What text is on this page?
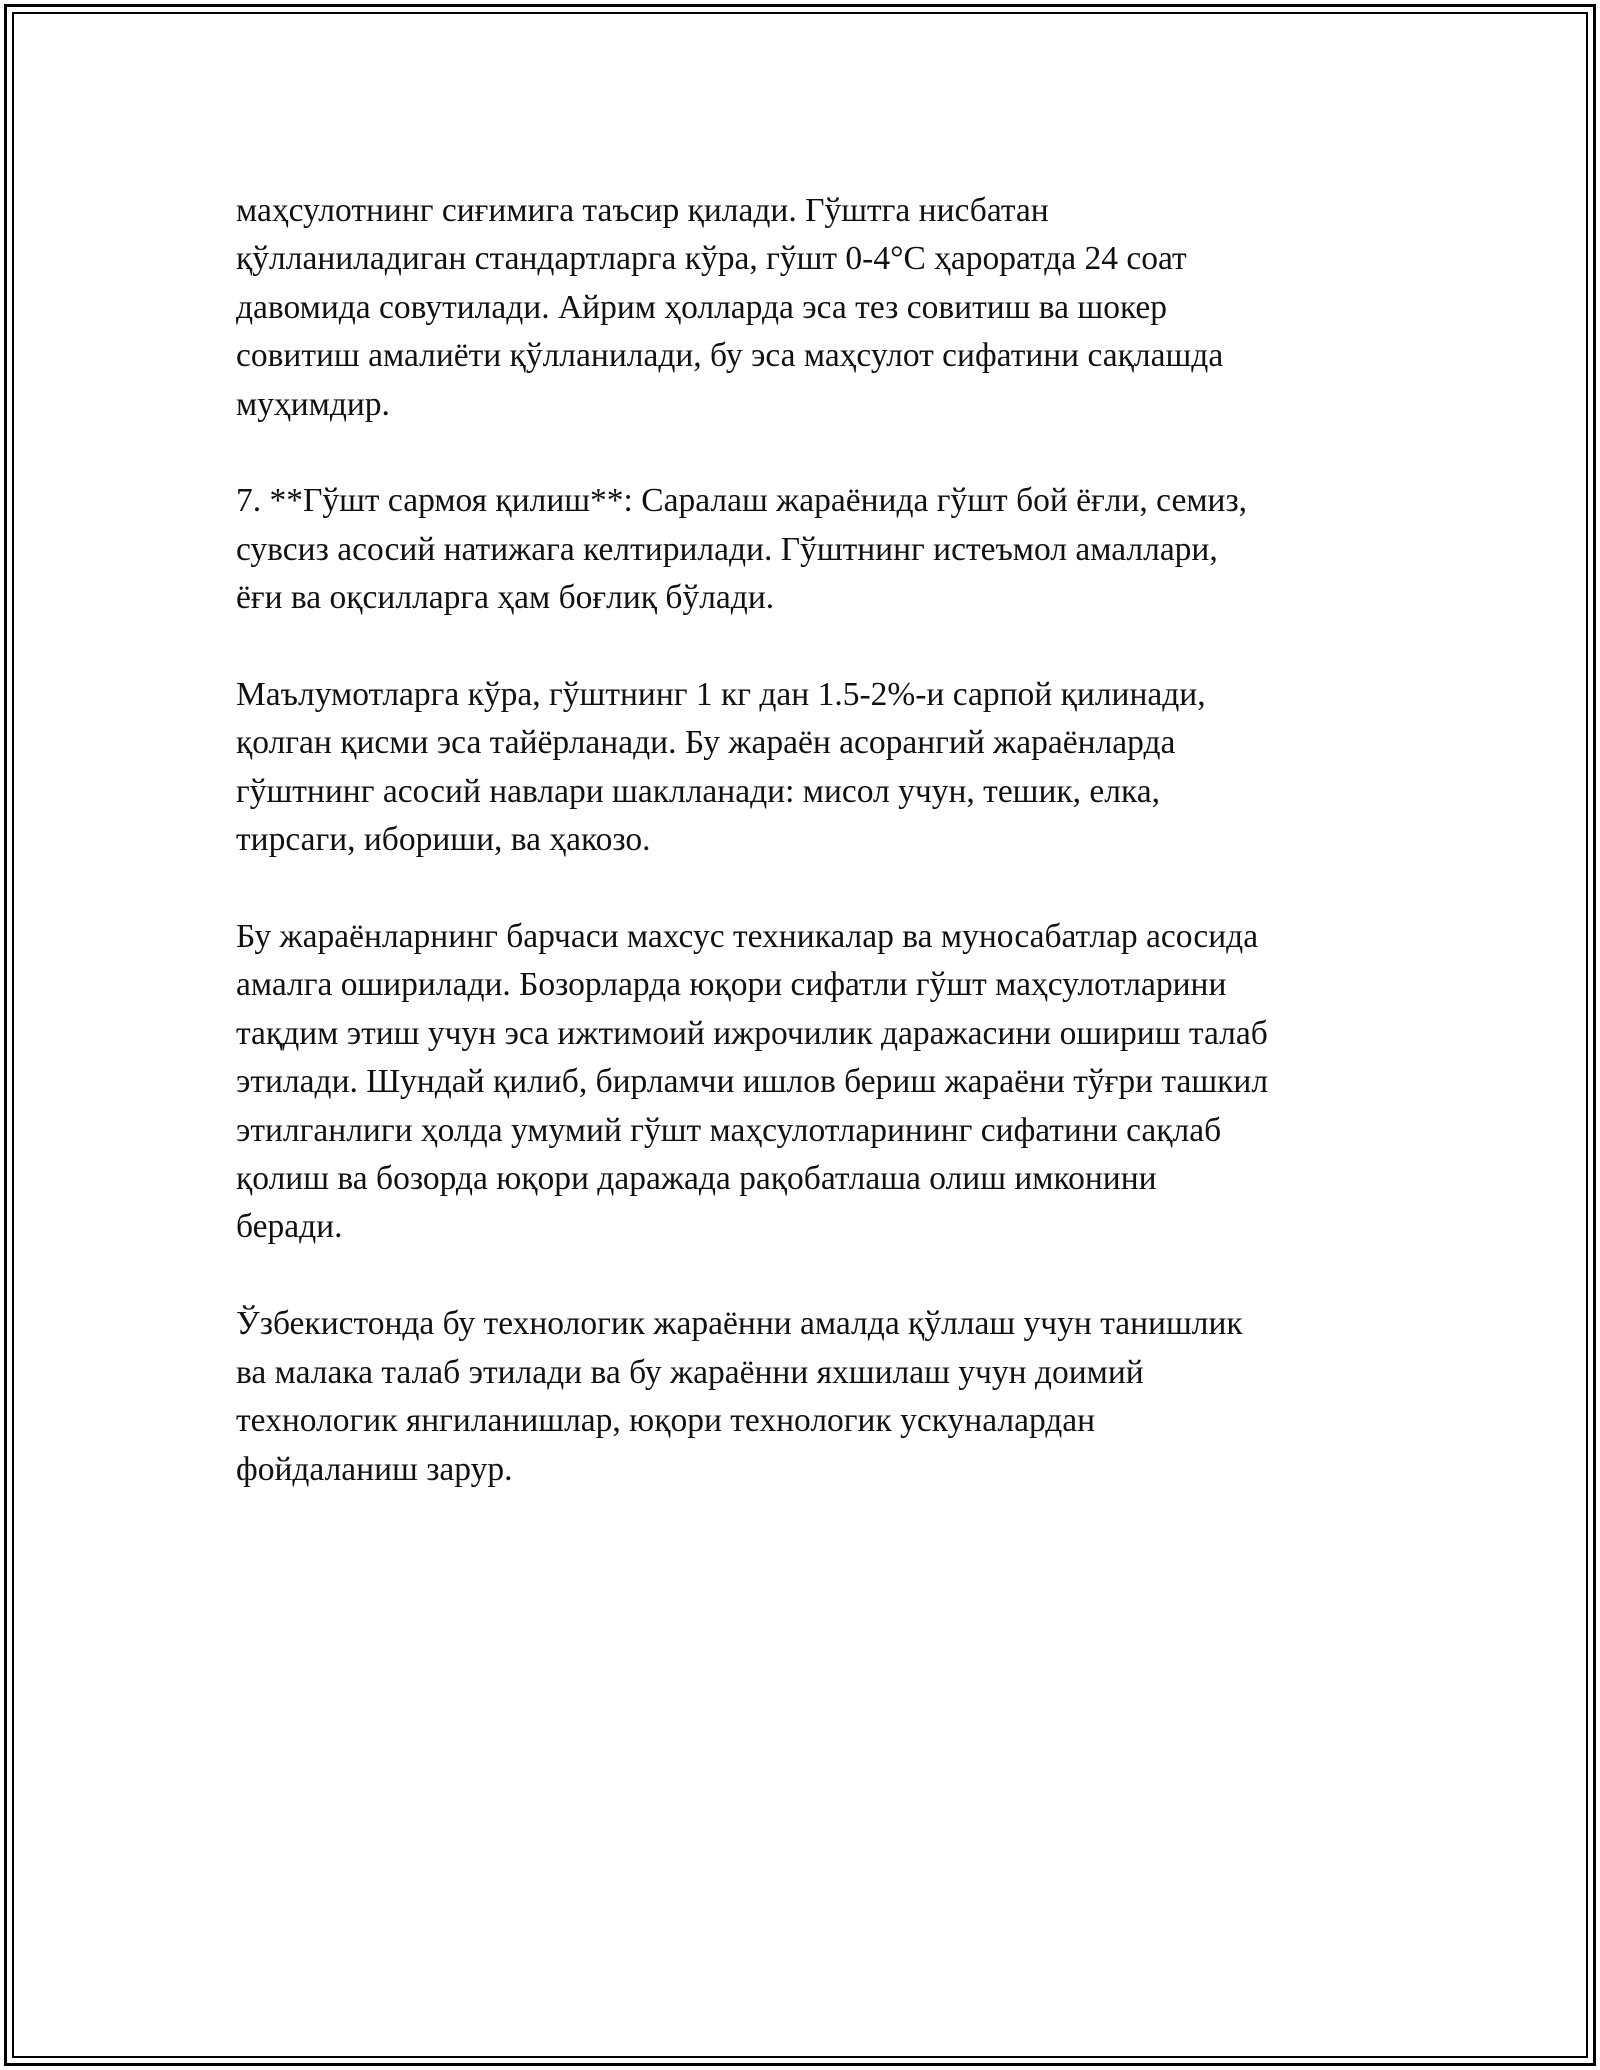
маҳсулотнинг сиғимига таъсир қилади. Гўштга нисбатан
қўлланиладиган стандартларга кўра, гўшт 0-4°C ҳароратда 24 соат
давомида совутилади. Айрим ҳолларда эса тез совитиш ва шокер
совитиш амалиёти қўлланилади, бу эса маҳсулот сифатини сақлашда
муҳимдир.

7. **Гўшт сармоя қилиш**: Саралаш жараёнида гўшт бой ёғли, семиз,
сувсиз асосий натижага келтирилади. Гўштнинг истеъмол амаллари,
ёғи ва оқсилларга ҳам боғлиқ бўлади.

Маълумотларга кўра, гўштнинг 1 кг дан 1.5-2%-и сарпой қилинади,
қолган қисми эса тайёрланади. Бу жараён асорангий жараёнларда
гўштнинг асосий навлари шаклланади: мисол учун, тешик, елка,
тирсаги, ибориши, ва ҳакозо.

Бу жараёнларнинг барчаси махсус техникалар ва муносабатлар асосида
амалга оширилади. Бозорларда юқори сифатли гўшт маҳсулотларини
тақдим этиш учун эса ижтимоий ижрочилик даражасини ошириш талаб
этилади. Шундай қилиб, бирламчи ишлов бериш жараёни тўғри ташкил
этилганлиги ҳолда умумий гўшт маҳсулотларининг сифатини сақлаб
қолиш ва бозорда юқори даражада рақобатлаша олиш имконини
беради.

Ўзбекистонда бу технологик жараённи амалда қўллаш учун танишлик
ва малака талаб этилади ва бу жараённи яхшилаш учун доимий
технологик янгиланишлар, юқори технологик ускуналардан
фойдаланиш зарур.
